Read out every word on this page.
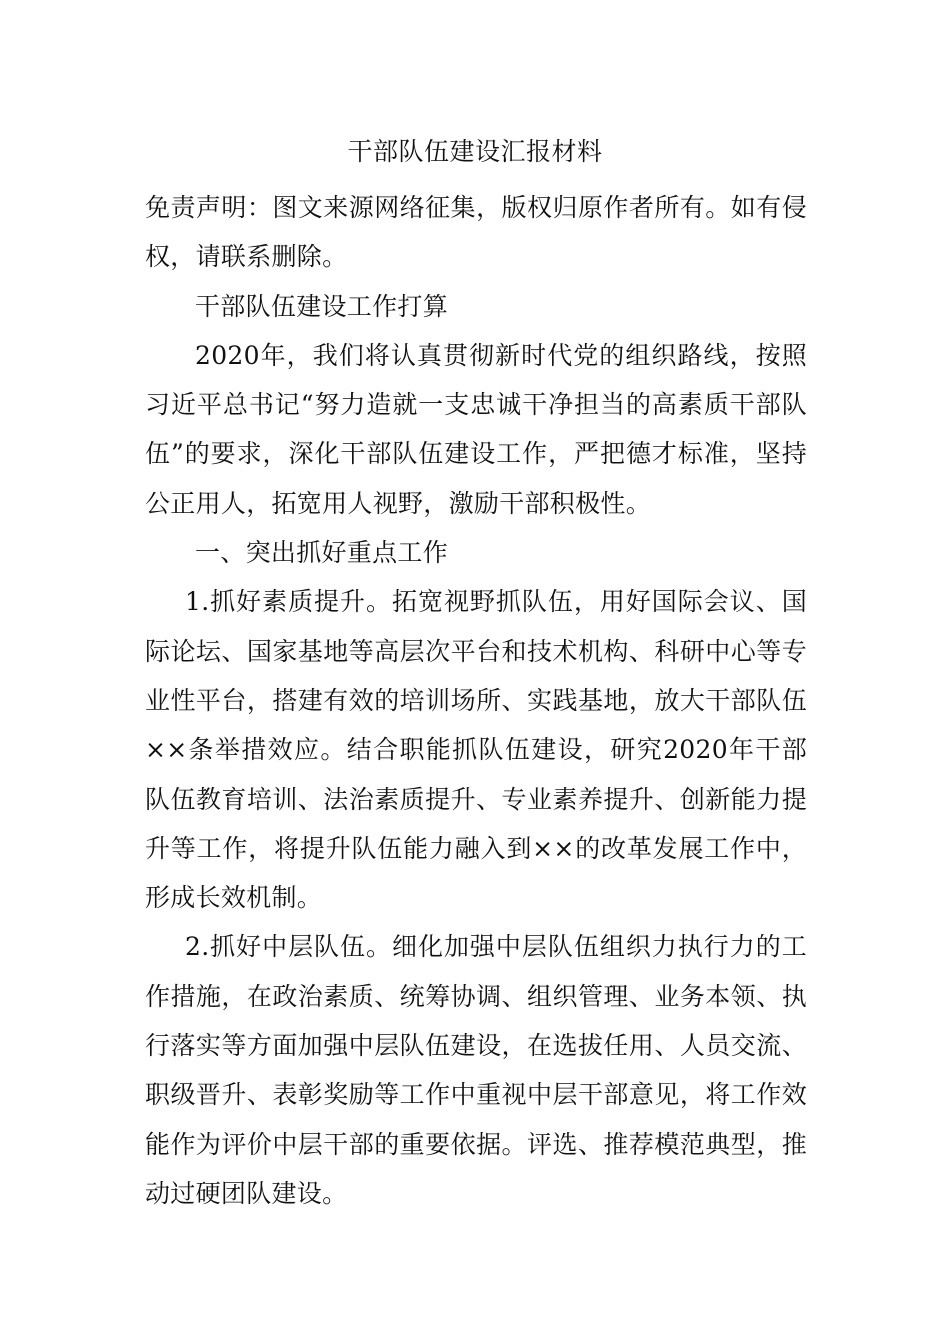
干部队伍建设汇报材料

免责声明：图文来源网络征集，版权归原作者所有。如有侵权，请联系删除。

干部队伍建设工作打算

2020年，我们将认真贯彻新时代党的组织路线，按照习近平总书记“努力造就一支忠诚干净担当的高素质干部队伍”的要求，深化干部队伍建设工作，严把德才标准，坚持公正用人，拓宽用人视野，激励干部积极性。

一、突出抓好重点工作

1.抓好素质提升。拓宽视野抓队伍，用好国际会议、国际论坛、国家基地等高层次平台和技术机构、科研中心等专业性平台，搭建有效的培训场所、实践基地，放大干部队伍××条举措效应。结合职能抓队伍建设，研究2020年干部队伍教育培训、法治素质提升、专业素养提升、创新能力提升等工作，将提升队伍能力融入到××的改革发展工作中，形成长效机制。

2.抓好中层队伍。细化加强中层队伍组织力执行力的工作措施，在政治素质、统筹协调、组织管理、业务本领、执行落实等方面加强中层队伍建设，在选拔任用、人员交流、职级晋升、表彰奖励等工作中重视中层干部意见，将工作效能作为评价中层干部的重要依据。评选、推荐模范典型，推动过硬团队建设。
